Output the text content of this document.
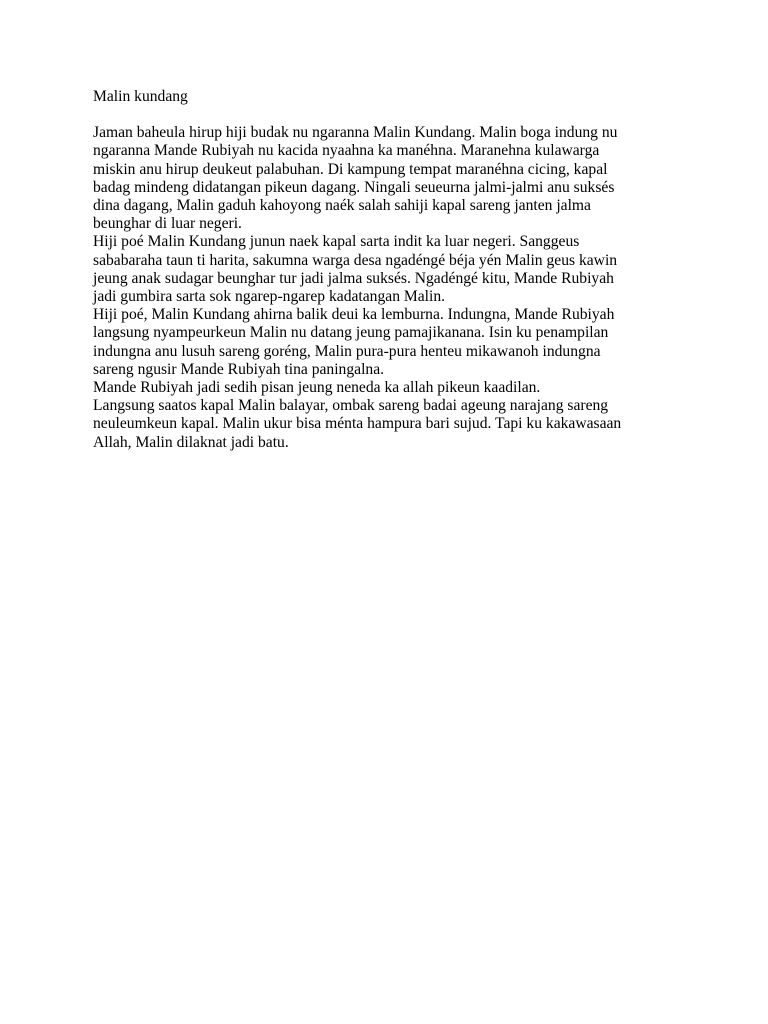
Malin kundang

Jaman baheula hirup hiji budak nu ngaranna Malin Kundang. Malin boga indung nu
ngaranna Mande Rubiyah nu kacida nyaahna ka manéhna. Maranehna kulawarga
miskin anu hirup deukeut palabuhan. Di kampung tempat maranéhna cicing, kapal
badag mindeng didatangan pikeun dagang. Ningali seueurna jalmi-jalmi anu suksés
dina dagang, Malin gaduh kahoyong naék salah sahiji kapal sareng janten jalma
beunghar di luar negeri.

Hiji poé Malin Kundang junun naek kapal sarta indit ka luar negeri. Sanggeus
sababaraha taun ti harita, sakumna warga desa ngadéngé béja yén Malin geus kawin
jeung anak sudagar beunghar tur jadi jalma suksés. Ngadéngé kitu, Mande Rubiyah
jadi gumbira sarta sok ngarep-ngarep kadatangan Malin.

Hiji poé, Malin Kundang ahirna balik deui ka lemburna. Indungna, Mande Rubiyah
langsung nyampeurkeun Malin nu datang jeung pamajikanana. Isin ku penampilan
indungna anu lusuh sareng goréng, Malin pura-pura henteu mikawanoh indungna
sareng ngusir Mande Rubiyah tina paningalna.

Mande Rubiyah jadi sedih pisan jeung neneda ka allah pikeun kaadilan.

Langsung saatos kapal Malin balayar, ombak sareng badai ageung narajang sareng
neuleumkeun kapal. Malin ukur bisa ménta hampura bari sujud. Tapi ku kakawasaan
Allah, Malin dilaknat jadi batu.
